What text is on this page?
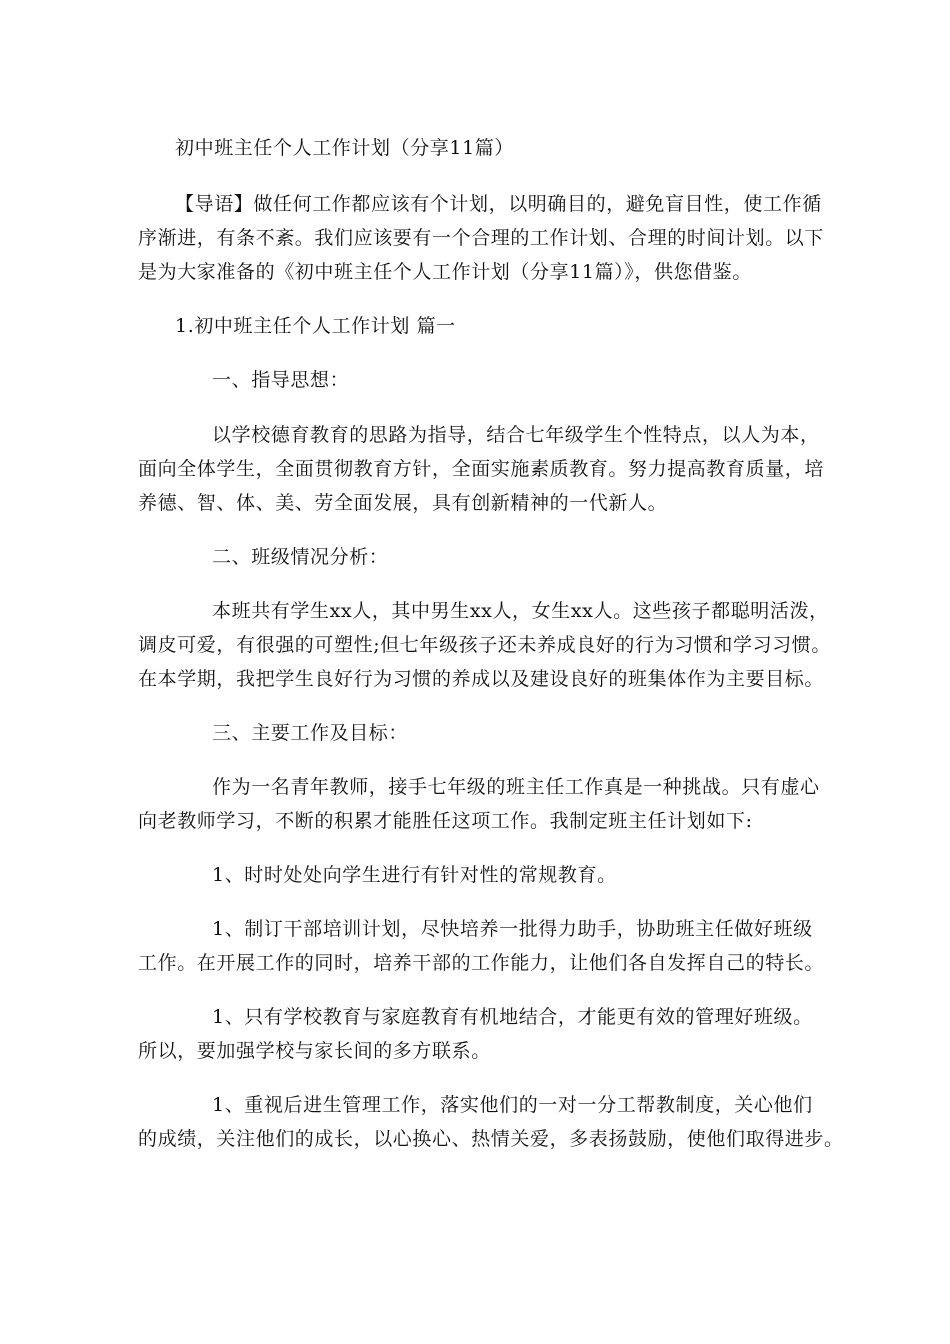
初中班主任个人工作计划（分享11篇）
【导语】做任何工作都应该有个计划，以明确目的，避免盲目性，使工作循
序渐进，有条不紊。我们应该要有一个合理的工作计划、合理的时间计划。以下
是为大家准备的《初中班主任个人工作计划（分享11篇）》，供您借鉴。
1.初中班主任个人工作计划 篇一
一、指导思想：
以学校德育教育的思路为指导，结合七年级学生个性特点，以人为本，
面向全体学生，全面贯彻教育方针，全面实施素质教育。努力提高教育质量，培
养德、智、体、美、劳全面发展，具有创新精神的一代新人。
二、班级情况分析：
本班共有学生xx人，其中男生xx人，女生xx人。这些孩子都聪明活泼，
调皮可爱，有很强的可塑性;但七年级孩子还未养成良好的行为习惯和学习习惯。
在本学期，我把学生良好行为习惯的养成以及建设良好的班集体作为主要目标。
三、主要工作及目标：
作为一名青年教师，接手七年级的班主任工作真是一种挑战。只有虚心
向老教师学习，不断的积累才能胜任这项工作。我制定班主任计划如下:
1、时时处处向学生进行有针对性的常规教育。
1、制订干部培训计划，尽快培养一批得力助手，协助班主任做好班级
工作。在开展工作的同时，培养干部的工作能力，让他们各自发挥自己的特长。
1、只有学校教育与家庭教育有机地结合，才能更有效的管理好班级。
所以，要加强学校与家长间的多方联系。
1、重视后进生管理工作，落实他们的一对一分工帮教制度，关心他们
的成绩，关注他们的成长，以心换心、热情关爱，多表扬鼓励，使他们取得进步。
